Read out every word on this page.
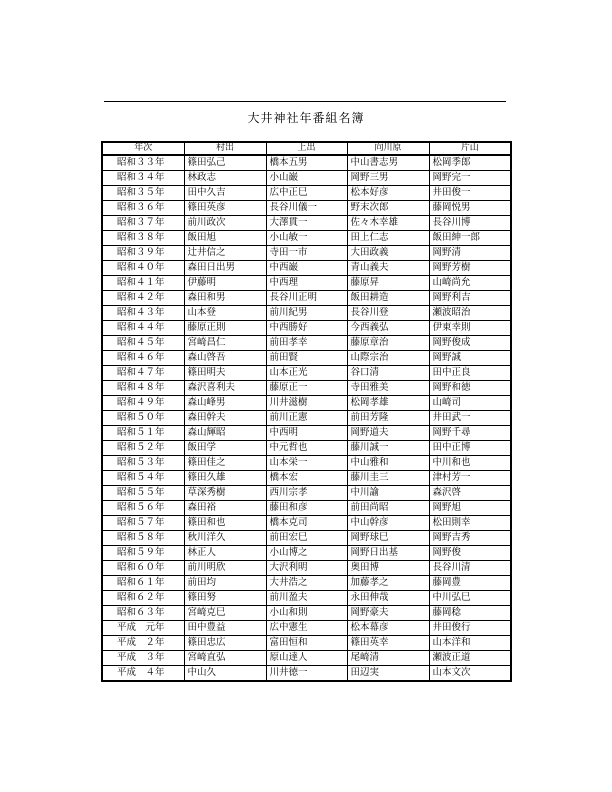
大井神社年番組名簿
年次	村出	上出	向川原	片山
昭和３３年	篠田弘己	橋本五男	中山書志男	松岡季郎
昭和３４年	林政志	小山巌	岡野三男	岡野完一
昭和３５年	田中久吉	広中正巳	松本好彦	井田俊一
昭和３６年	篠田英彦	長谷川儀一	野末次郎	藤岡悦男
昭和３７年	前川政次	大澤貫一	佐々木幸雄	長谷川博
昭和３８年	飯田旭	小山敏一	田上仁志	飯田紳一郎
昭和３９年	辻井信之	寺田一市	大田政義	岡野清
昭和４０年	森田日出男	中西巌	青山義夫	岡野芳樹
昭和４１年	伊藤明	中西理	藤原昇	山崎尚允
昭和４２年	森田和男	長谷川正明	飯田耕造	岡野利吉
昭和４３年	山本登	前川紀男	長谷川登	瀬波昭治
昭和４４年	藤原正則	中西勝好	今西義弘	伊東幸則
昭和４５年	宮崎昌仁	前田孝幸	藤原章治	岡野俊成
昭和４６年	森山啓吾	前田賢	山際宗治	岡野誠
昭和４７年	篠田明夫	山本正光	谷口清	田中正良
昭和４８年	森沢喜利夫	藤原正一	寺田雅美	岡野和徳
昭和４９年	森山峰男	川井滋樹	松岡孝雄	山崎司
昭和５０年	森田幹夫	前川正憲	前田芳隆	井田武一
昭和５１年	森山輝昭	中西明	岡野道夫	岡野千尋
昭和５２年	飯田学	中元哲也	藤川誠一	田中正博
昭和５３年	篠田佳之	山本栄一	中山雅和	中川和也
昭和５４年	篠田久雄	橋本宏	藤川圭三	津村芳一
昭和５５年	草深秀樹	西川宗孝	中川諭	森沢啓
昭和５６年	森田裕	藤田和彦	前田尚昭	岡野旭
昭和５７年	篠田和也	橋本克司	中山幹彦	松田則幸
昭和５８年	秋川洋久	前田宏巳	岡野球巳	岡野吉秀
昭和５９年	林正人	小山博之	岡野日出基	岡野俊
昭和６０年	前川明欣	大沢利明	奥田博	長谷川清
昭和６１年	前田均	大井浩之	加藤孝之	藤岡豊
昭和６２年	篠田努	前川盈夫	永田伸哉	中川弘巳
昭和６３年	宮崎克巳	小山和則	岡野豪夫	藤岡稔
平成　元年	田中豊益	広中憲生	松本幕彦	井田俊行
平成　２年	篠田忠広	富田恒和	篠田英幸	山本洋和
平成　３年	宮崎直弘	原山達人	尾崎清	瀬波正道
平成　４年	中山久	川井徳一	田辺実	山本文次
